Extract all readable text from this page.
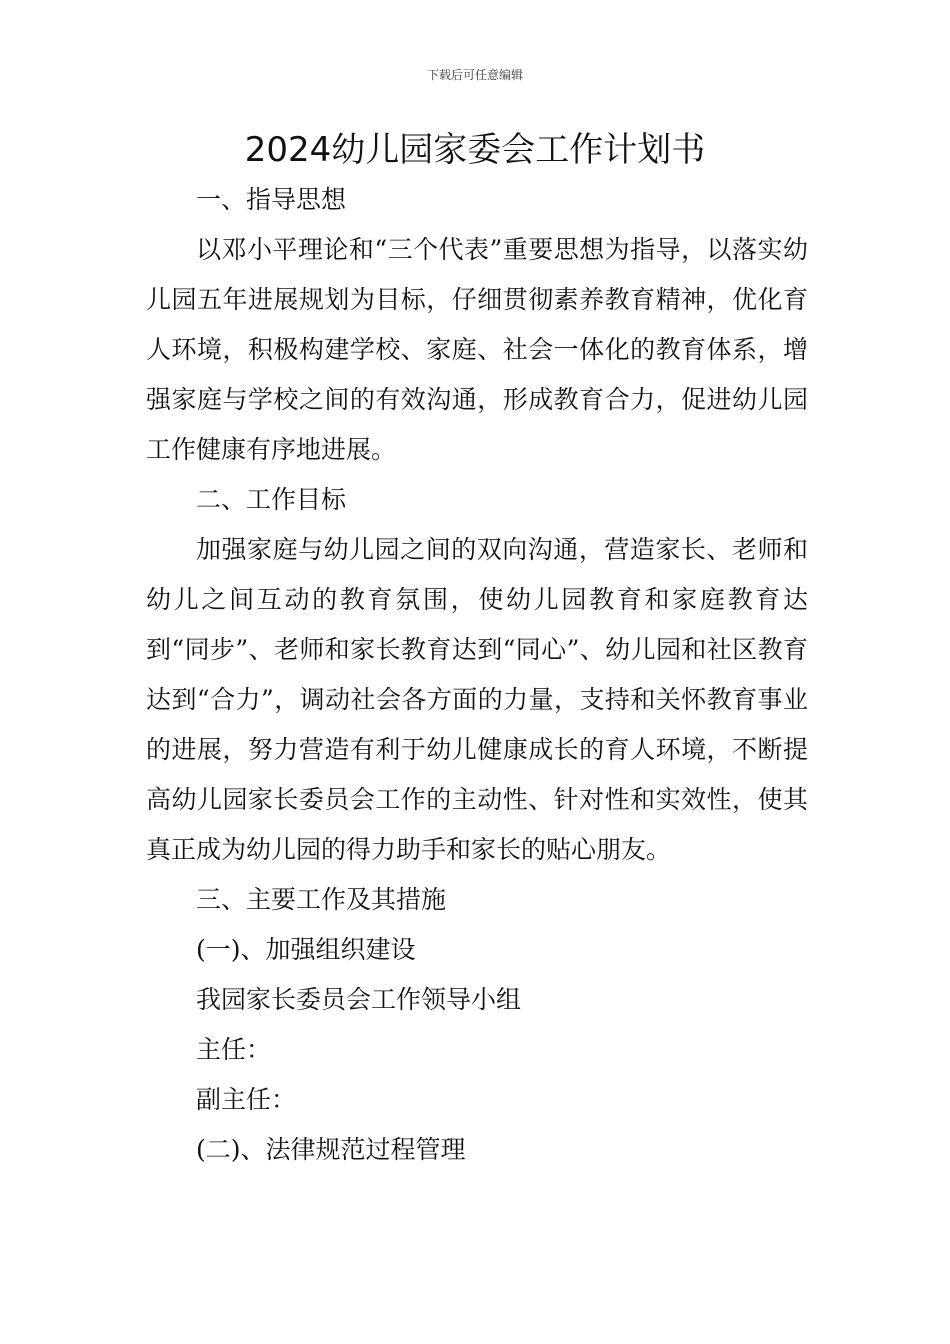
下载后可任意编辑
2024幼儿园家委会工作计划书

一、指导思想

以邓小平理论和“三个代表”重要思想为指导，以落实幼儿园五年进展规划为目标，仔细贯彻素养教育精神，优化育人环境，积极构建学校、家庭、社会一体化的教育体系，增强家庭与学校之间的有效沟通，形成教育合力，促进幼儿园工作健康有序地进展。

二、工作目标

加强家庭与幼儿园之间的双向沟通，营造家长、老师和幼儿之间互动的教育氛围，使幼儿园教育和家庭教育达到“同步”、老师和家长教育达到“同心”、幼儿园和社区教育达到“合力”，调动社会各方面的力量，支持和关怀教育事业的进展，努力营造有利于幼儿健康成长的育人环境，不断提高幼儿园家长委员会工作的主动性、针对性和实效性，使其真正成为幼儿园的得力助手和家长的贴心朋友。

三、主要工作及其措施

(一)、加强组织建设

我园家长委员会工作领导小组

主任：

副主任：

(二)、法律规范过程管理
